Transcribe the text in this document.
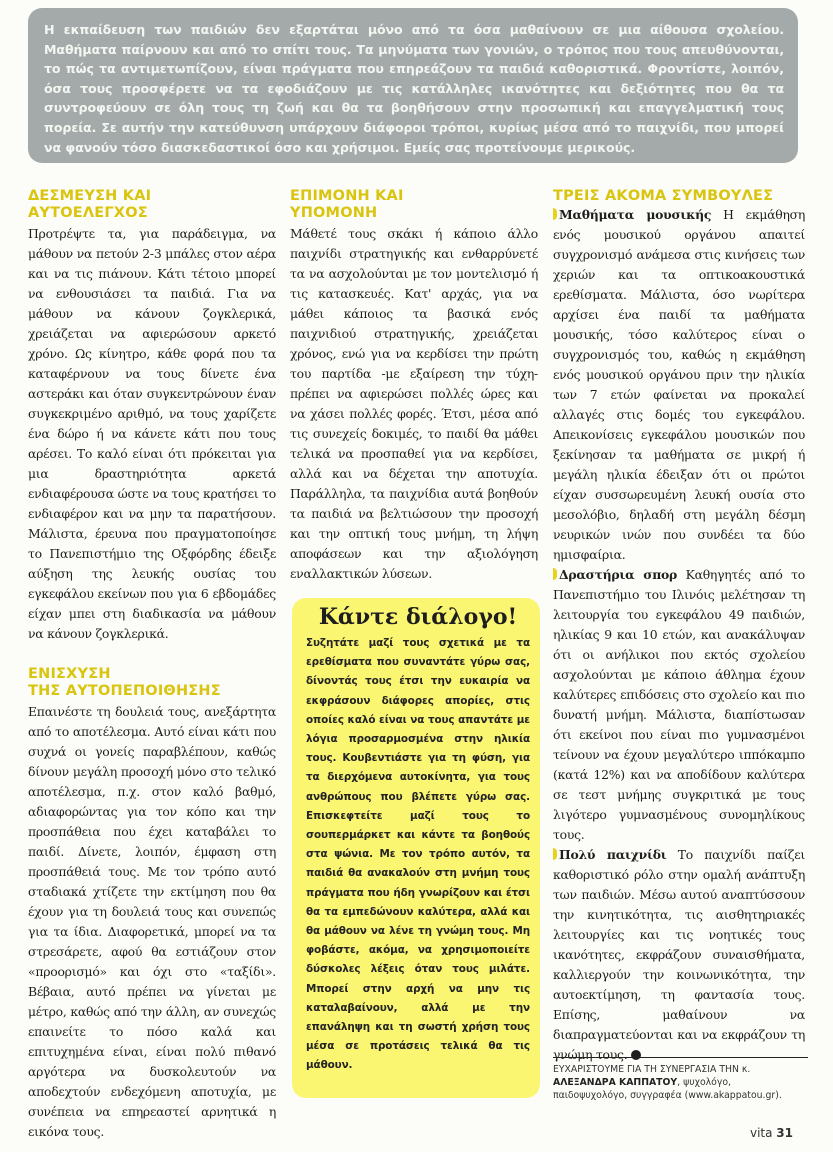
Η εκπαίδευση των παιδιών δεν εξαρτάται μόνο από τα όσα μαθαίνουν σε μια αίθουσα σχολείου. Μαθήματα παίρνουν και από το σπίτι τους. Τα μηνύματα των γονιών, ο τρόπος που τους απευθύνονται, το πώς τα αντιμετωπίζουν, είναι πράγματα που επηρεάζουν τα παιδιά καθοριστικά. Φροντίστε, λοιπόν, όσα τους προσφέρετε να τα εφοδιάζουν με τις κατάλληλες ικανότητες και δεξιότητες που θα τα συντροφεύουν σε όλη τους τη ζωή και θα τα βοηθήσουν στην προσωπική και επαγγελματική τους πορεία. Σε αυτήν την κατεύθυνση υπάρχουν διάφοροι τρόποι, κυρίως μέσα από το παιχνίδι, που μπορεί να φανούν τόσο διασκεδαστικοί όσο και χρήσιμοι. Εμείς σας προτείνουμε μερικούς.

ΔΕΣΜΕΥΣΗ ΚΑΙ
ΑΥΤΟΕΛΕΓΧΟΣ

Προτρέψτε τα, για παράδειγμα, να μάθουν να πετούν 2-3 μπάλες στον αέρα και να τις πιάνουν. Κάτι τέτοιο μπορεί να ενθουσιάσει τα παιδιά. Για να μάθουν να κάνουν ζογκλερικά, χρειάζεται να αφιερώσουν αρκετό χρόνο. Ως κίνητρο, κάθε φορά που τα καταφέρνουν να τους δίνετε ένα αστεράκι και όταν συγκεντρώνουν έναν συγκεκριμένο αριθμό, να τους χαρίζετε ένα δώρο ή να κάνετε κάτι που τους αρέσει. Το καλό είναι ότι πρόκειται για μια δραστηριότητα αρκετά ενδιαφέρουσα ώστε να τους κρατήσει το ενδιαφέρον και να μην τα παρατήσουν. Μάλιστα, έρευνα που πραγματοποίησε το Πανεπιστήμιο της Οξφόρδης έδειξε αύξηση της λευκής ουσίας του εγκεφάλου εκείνων που για 6 εβδομάδες είχαν μπει στη διαδικασία να μάθουν να κάνουν ζογκλερικά.

ΕΝΙΣΧΥΣΗ
ΤΗΣ ΑΥΤΟΠΕΠΟΙΘΗΣΗΣ

Επαινέστε τη δουλειά τους, ανεξάρτητα από το αποτέλεσμα. Αυτό είναι κάτι που συχνά οι γονείς παραβλέπουν, καθώς δίνουν μεγάλη προσοχή μόνο στο τελικό αποτέλεσμα, π.χ. στον καλό βαθμό, αδιαφορώντας για τον κόπο και την προσπάθεια που έχει καταβάλει το παιδί. Δίνετε, λοιπόν, έμφαση στη προσπάθειά τους. Με τον τρόπο αυτό σταδιακά χτίζετε την εκτίμηση που θα έχουν για τη δουλειά τους και συνεπώς για τα ίδια. Διαφορετικά, μπορεί να τα στρεσάρετε, αφού θα εστιάζουν στον «προορισμό» και όχι στο «ταξίδι». Βέβαια, αυτό πρέπει να γίνεται με μέτρο, καθώς από την άλλη, αν συνεχώς επαινείτε το πόσο καλά και επιτυχημένα είναι, είναι πολύ πιθανό αργότερα να δυσκολευτούν να αποδεχτούν ενδεχόμενη αποτυχία, με συνέπεια να επηρεαστεί αρνητικά η εικόνα τους.

ΕΠΙΜΟΝΗ ΚΑΙ
ΥΠΟΜΟΝΗ

Μάθετέ τους σκάκι ή κάποιο άλλο παιχνίδι στρατηγικής και ενθαρρύνετέ τα να ασχολούνται με τον μοντελισμό ή τις κατασκευές. Κατ' αρχάς, για να μάθει κάποιος τα βασικά ενός παιχνιδιού στρατηγικής, χρειάζεται χρόνος, ενώ για να κερδίσει την πρώτη του παρτίδα -με εξαίρεση την τύχη- πρέπει να αφιερώσει πολλές ώρες και να χάσει πολλές φορές. Έτσι, μέσα από τις συνεχείς δοκιμές, το παιδί θα μάθει τελικά να προσπαθεί για να κερδίσει, αλλά και να δέχεται την αποτυχία. Παράλληλα, τα παιχνίδια αυτά βοηθούν τα παιδιά να βελτιώσουν την προσοχή και την οπτική τους μνήμη, τη λήψη αποφάσεων και την αξιολόγηση εναλλακτικών λύσεων.

Κάντε διάλογο!

Συζητάτε μαζί τους σχετικά με τα ερεθίσματα που συναντάτε γύρω σας, δίνοντάς τους έτσι την ευκαιρία να εκφράσουν διάφορες απορίες, στις οποίες καλό είναι να τους απαντάτε με λόγια προσαρμοσμένα στην ηλικία τους. Κουβεντιάστε για τη φύση, για τα διερχόμενα αυτοκίνητα, για τους ανθρώπους που βλέπετε γύρω σας. Επισκεφτείτε μαζί τους το σουπερμάρκετ και κάντε τα βοηθούς στα ψώνια. Με τον τρόπο αυτόν, τα παιδιά θα ανακαλούν στη μνήμη τους πράγματα που ήδη γνωρίζουν και έτσι θα τα εμπεδώνουν καλύτερα, αλλά και θα μάθουν να λένε τη γνώμη τους. Μη φοβάστε, ακόμα, να χρησιμοποιείτε δύσκολες λέξεις όταν τους μιλάτε. Μπορεί στην αρχή να μην τις καταλαβαίνουν, αλλά με την επανάληψη και τη σωστή χρήση τους μέσα σε προτάσεις τελικά θα τις μάθουν.

ΤΡΕΙΣ ΑΚΟΜΑ ΣΥΜΒΟΥΛΕΣ

Μαθήματα μουσικής Η εκμάθηση ενός μουσικού οργάνου απαιτεί συγχρονισμό ανάμεσα στις κινήσεις των χεριών και τα οπτικοακουστικά ερεθίσματα. Μάλιστα, όσο νωρίτερα αρχίσει ένα παιδί τα μαθήματα μουσικής, τόσο καλύτερος είναι ο συγχρονισμός του, καθώς η εκμάθηση ενός μουσικού οργάνου πριν την ηλικία των 7 ετών φαίνεται να προκαλεί αλλαγές στις δομές του εγκεφάλου. Απεικονίσεις εγκεφάλου μουσικών που ξεκίνησαν τα μαθήματα σε μικρή ή μεγάλη ηλικία έδειξαν ότι οι πρώτοι είχαν συσσωρευμένη λευκή ουσία στο μεσολόβιο, δηλαδή στη μεγάλη δέσμη νευρικών ινών που συνδέει τα δύο ημισφαίρια.

Δραστήρια σπορ Καθηγητές από το Πανεπιστήμιο του Ιλινόις μελέτησαν τη λειτουργία του εγκεφάλου 49 παιδιών, ηλικίας 9 και 10 ετών, και ανακάλυψαν ότι οι ανήλικοι που εκτός σχολείου ασχολούνται με κάποιο άθλημα έχουν καλύτερες επιδόσεις στο σχολείο και πιο δυνατή μνήμη. Μάλιστα, διαπίστωσαν ότι εκείνοι που είναι πιο γυμνασμένοι τείνουν να έχουν μεγαλύτερο ιππόκαμπο (κατά 12%) και να αποδίδουν καλύτερα σε τεστ μνήμης συγκριτικά με τους λιγότερο γυμνασμένους συνομηλίκους τους.

Πολύ παιχνίδι Το παιχνίδι παίζει καθοριστικό ρόλο στην ομαλή ανάπτυξη των παιδιών. Μέσω αυτού αναπτύσσουν την κινητικότητα, τις αισθητηριακές λειτουργίες και τις νοητικές τους ικανότητες, εκφράζουν συναισθήματα, καλλιεργούν την κοινωνικότητα, την αυτοεκτίμηση, τη φαντασία τους. Επίσης, μαθαίνουν να διαπραγματεύονται και να εκφράζουν τη γνώμη τους.

ΕΥΧΑΡΙΣΤΟΥΜΕ ΓΙΑ ΤΗ ΣΥΝΕΡΓΑΣΙΑ ΤΗΝ κ. ΑΛΕΞΑΝΔΡΑ ΚΑΠΠΑΤΟΥ, ψυχολόγο, παιδοψυχολόγο, συγγραφέα (www.akappatou.gr).
vita 31
